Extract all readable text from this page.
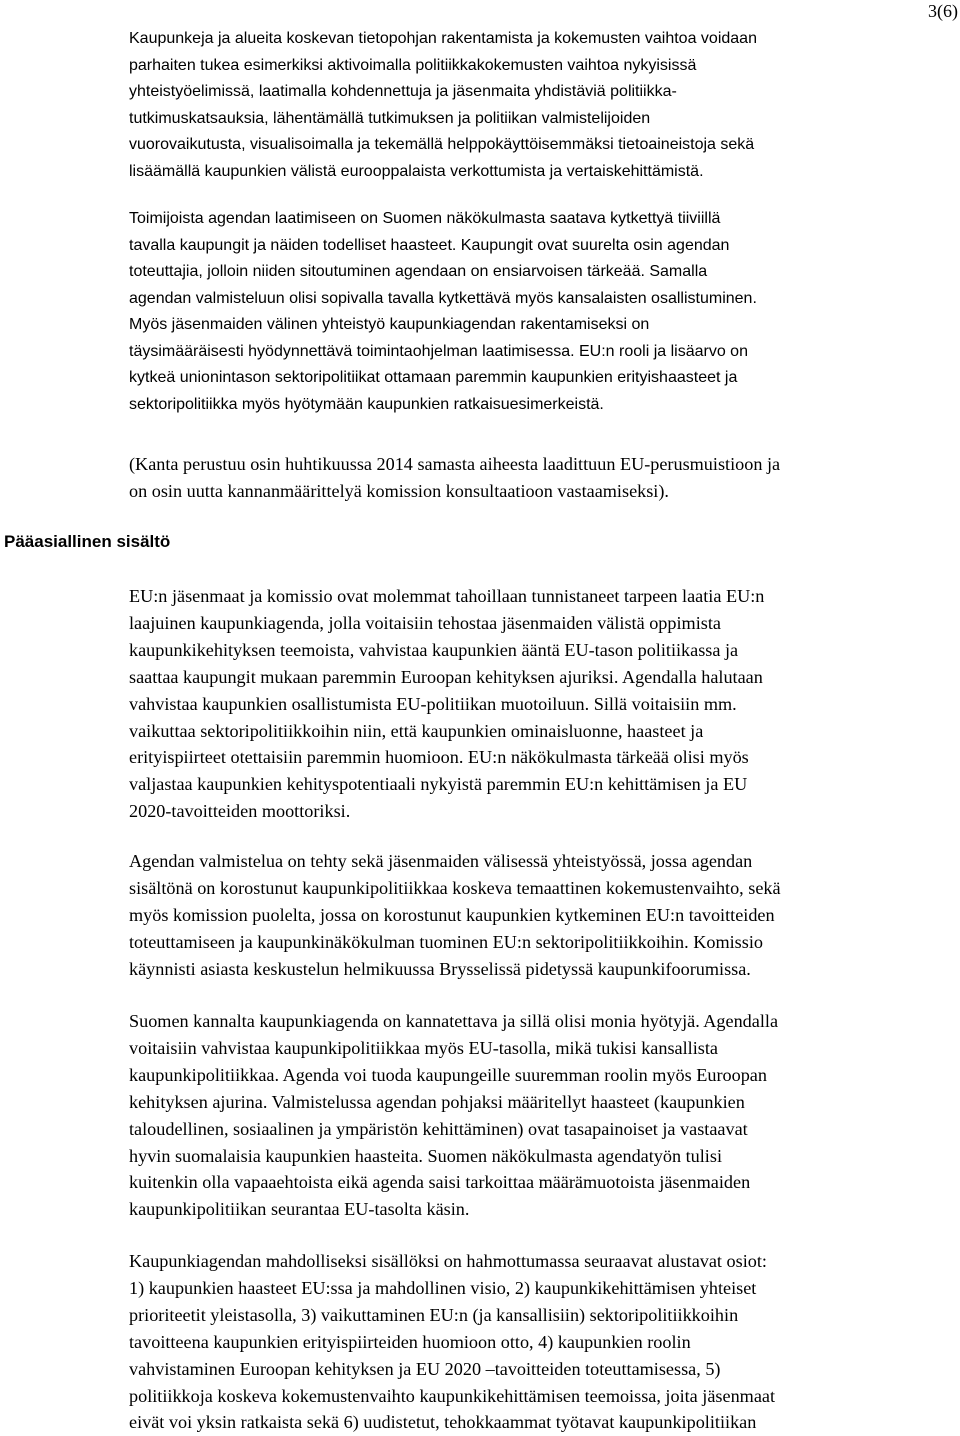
3(6)
Pääasiallinen sisältö
Kaupunkeja ja alueita koskevan tietopohjan rakentamista ja kokemusten vaihtoa voidaan
parhaiten tukea esimerkiksi aktivoimalla politiikkakokemusten vaihtoa nykyisissä
yhteistyöelimissä, laatimalla kohdennettuja ja jäsenmaita yhdistäviä politiikka-
tutkimuskatsauksia, lähentämällä tutkimuksen ja politiikan valmistelijoiden
vuorovaikutusta, visualisoimalla ja tekemällä helppokäyttöisemmäksi tietoaineistoja sekä
lisäämällä kaupunkien välistä eurooppalaista verkottumista ja vertaiskehittämistä.
Toimijoista agendan laatimiseen on Suomen näkökulmasta saatava kytkettyä tiiviillä
tavalla kaupungit ja näiden todelliset haasteet. Kaupungit ovat suurelta osin agendan
toteuttajia, jolloin niiden sitoutuminen agendaan on ensiarvoisen tärkeää. Samalla
agendan valmisteluun olisi sopivalla tavalla kytkettävä myös kansalaisten osallistuminen.
Myös jäsenmaiden välinen yhteistyö kaupunkiagendan rakentamiseksi on
täysimääräisesti hyödynnettävä toimintaohjelman laatimisessa. EU:n rooli ja lisäarvo on
kytkeä unionintason sektoripolitiikat ottamaan paremmin kaupunkien erityishaasteet ja
sektoripolitiikka myös hyötymään kaupunkien ratkaisuesimerkeistä.
(Kanta perustuu osin huhtikuussa 2014 samasta aiheesta laadittuun EU-perusmuistioon ja
on osin uutta kannanmäärittelyä komission konsultaatioon vastaamiseksi).
EU:n jäsenmaat ja komissio ovat molemmat tahoillaan tunnistaneet tarpeen laatia EU:n
laajuinen kaupunkiagenda, jolla voitaisiin tehostaa jäsenmaiden välistä oppimista
kaupunkikehityksen teemoista, vahvistaa kaupunkien ääntä EU-tason politiikassa ja
saattaa kaupungit mukaan paremmin Euroopan kehityksen ajuriksi. Agendalla halutaan
vahvistaa kaupunkien osallistumista EU-politiikan muotoiluun. Sillä voitaisiin mm.
vaikuttaa sektoripolitiikkoihin niin, että kaupunkien ominaisluonne, haasteet ja
erityispiirteet otettaisiin paremmin huomioon. EU:n näkökulmasta tärkeää olisi myös
valjastaa kaupunkien kehityspotentiaali nykyistä paremmin EU:n kehittämisen ja EU
2020-tavoitteiden moottoriksi.
Agendan valmistelua on tehty sekä jäsenmaiden välisessä yhteistyössä, jossa agendan
sisältönä on korostunut kaupunkipolitiikkaa koskeva temaattinen kokemustenvaihto, sekä
myös komission puolelta, jossa on korostunut kaupunkien kytkeminen EU:n tavoitteiden
toteuttamiseen ja kaupunkinäkökulman tuominen EU:n sektoripolitiikkoihin. Komissio
käynnisti asiasta keskustelun helmikuussa Brysselissä pidetyssä kaupunkifoorumissa.
Suomen kannalta kaupunkiagenda on kannatettava ja sillä olisi monia hyötyjä. Agendalla
voitaisiin vahvistaa kaupunkipolitiikkaa myös EU-tasolla, mikä tukisi kansallista
kaupunkipolitiikkaa. Agenda voi tuoda kaupungeille suuremman roolin myös Euroopan
kehityksen ajurina. Valmistelussa agendan pohjaksi määritellyt haasteet (kaupunkien
taloudellinen, sosiaalinen ja ympäristön kehittäminen) ovat tasapainoiset ja vastaavat
hyvin suomalaisia kaupunkien haasteita. Suomen näkökulmasta agendatyön tulisi
kuitenkin olla vapaaehtoista eikä agenda saisi tarkoittaa määrämuotoista jäsenmaiden
kaupunkipolitiikan seurantaa EU-tasolta käsin.
Kaupunkiagendan mahdolliseksi sisällöksi on hahmottumassa seuraavat alustavat osiot:
1) kaupunkien haasteet EU:ssa ja mahdollinen visio, 2) kaupunkikehittämisen yhteiset
prioriteetit yleistasolla, 3) vaikuttaminen EU:n (ja kansallisiin) sektoripolitiikkoihin
tavoitteena kaupunkien erityispiirteiden huomioon otto, 4) kaupunkien roolin
vahvistaminen Euroopan kehityksen ja EU 2020 –tavoitteiden toteuttamisessa, 5)
politiikkoja koskeva kokemustenvaihto kaupunkikehittämisen teemoissa, joita jäsenmaat
eivät voi yksin ratkaista sekä 6) uudistetut, tehokkaammat työtavat kaupunkipolitiikan
